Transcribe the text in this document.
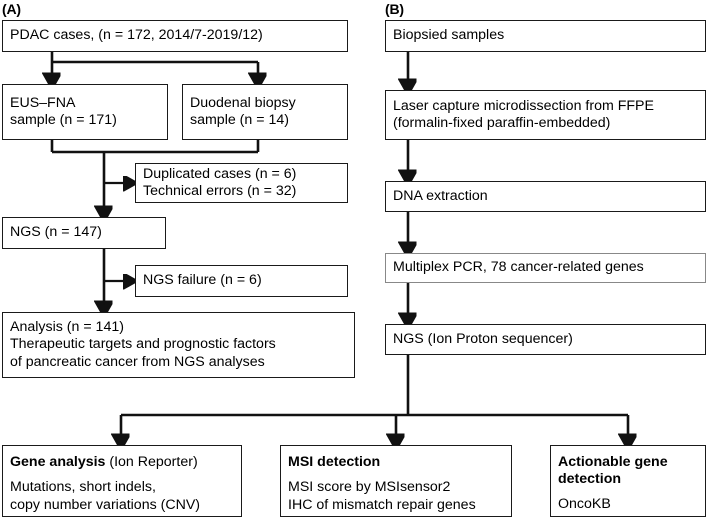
(A)	(B)
PDAC cases, (n = 172, 2014/7-2019/12)
EUS–FNA
sample (n = 171)
Duodenal biopsy
sample (n = 14)
Duplicated cases (n = 6)
Technical errors (n = 32)
NGS (n = 147)
NGS failure (n = 6)
Analysis (n = 141)
Therapeutic targets and prognostic factors
of pancreatic cancer from NGS analyses
Biopsied samples
Laser capture microdissection from FFPE
(formalin-fixed paraffin-embedded)
DNA extraction
Multiplex PCR, 78 cancer-related genes
NGS (Ion Proton sequencer)
Gene analysis (Ion Reporter)
Mutations, short indels,
copy number variations (CNV)
MSI detection
MSI score by MSIsensor2
IHC of mismatch repair genes
Actionable gene
detection
OncoKB
